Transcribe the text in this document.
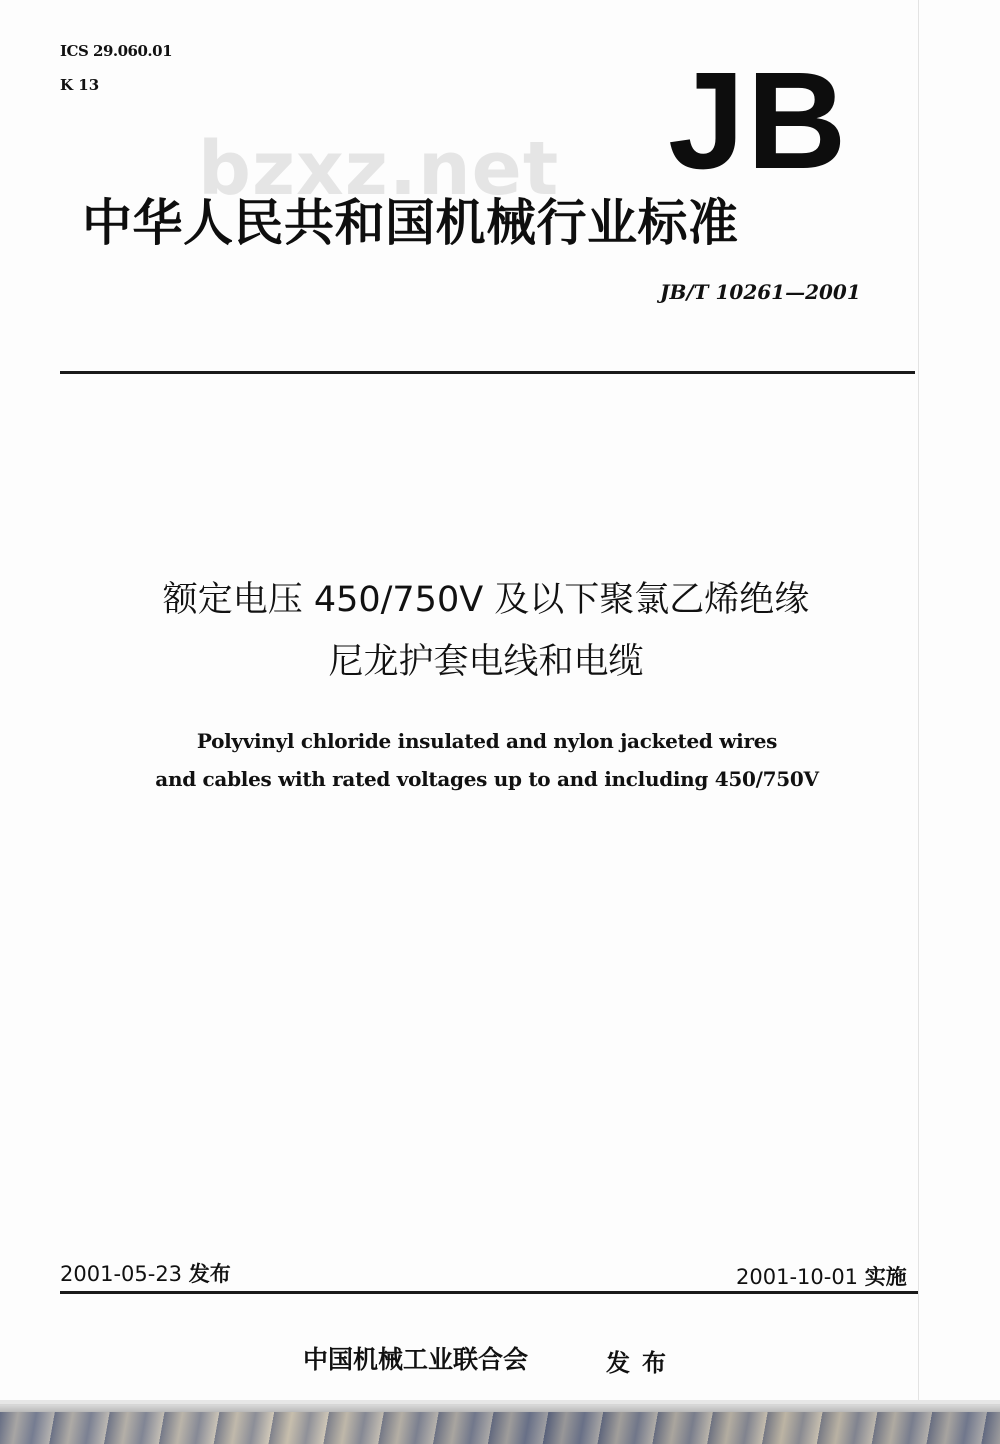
ICS 29.060.01
K 13	JB
bzxz.net
中华人民共和国机械行业标准
JB/T 10261—2001
额定电压 450/750V 及以下聚氯乙烯绝缘
尼龙护套电线和电缆
Polyvinyl chloride insulated and nylon jacketed wires
and cables with rated voltages up to and including 450/750V
2001-05-23 发布	2001-10-01 实施
中国机械工业联合会	发布
